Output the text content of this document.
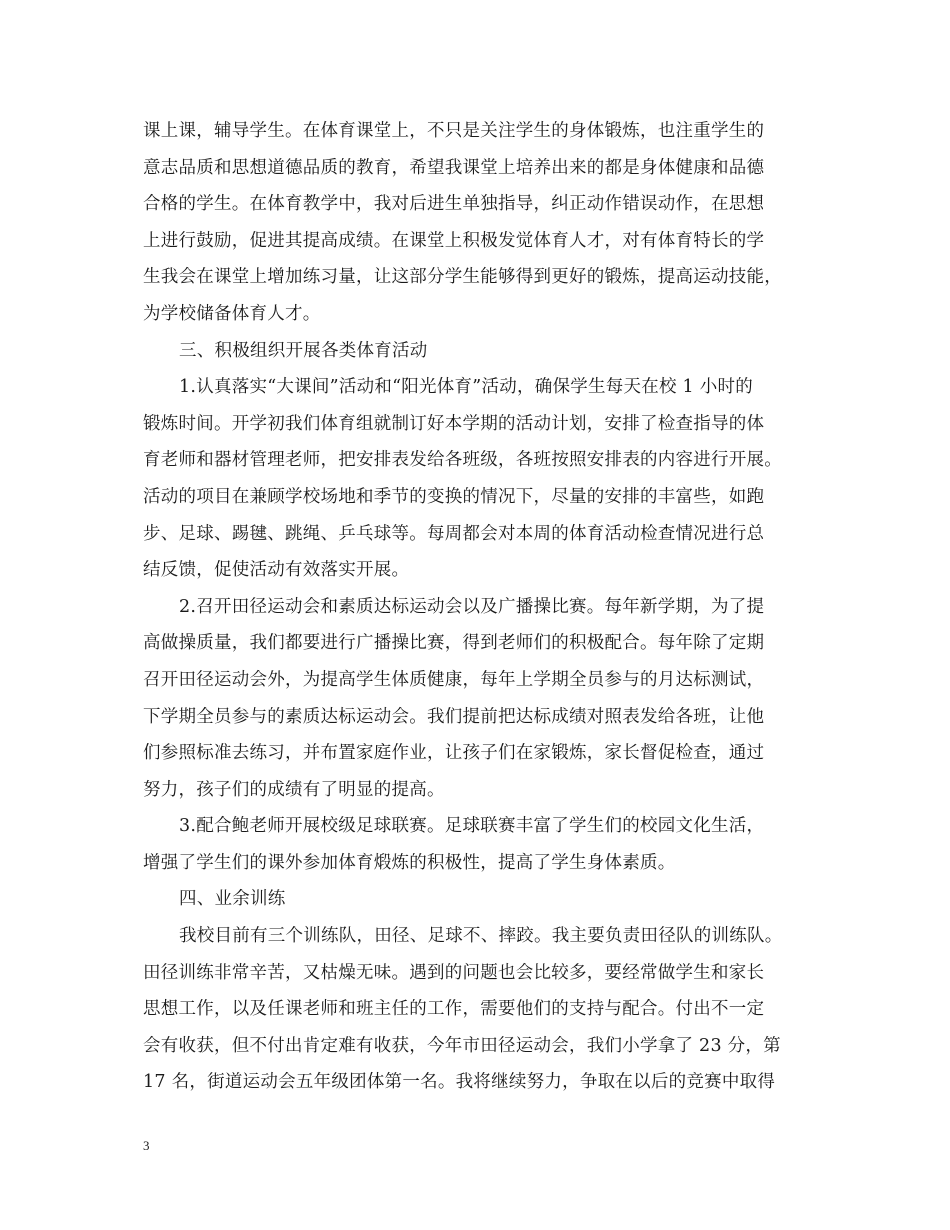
课上课，辅导学生。在体育课堂上，不只是关注学生的身体锻炼，也注重学生的
意志品质和思想道德品质的教育，希望我课堂上培养出来的都是身体健康和品德
合格的学生。在体育教学中，我对后进生单独指导，纠正动作错误动作，在思想
上进行鼓励，促进其提高成绩。在课堂上积极发觉体育人才，对有体育特长的学
生我会在课堂上增加练习量，让这部分学生能够得到更好的锻炼，提高运动技能，
为学校储备体育人才。
三、积极组织开展各类体育活动
1.认真落实“大课间”活动和“阳光体育”活动，确保学生每天在校 1 小时的
锻炼时间。开学初我们体育组就制订好本学期的活动计划，安排了检查指导的体
育老师和器材管理老师，把安排表发给各班级，各班按照安排表的内容进行开展。
活动的项目在兼顾学校场地和季节的变换的情况下，尽量的安排的丰富些，如跑
步、足球、踢毽、跳绳、乒乓球等。每周都会对本周的体育活动检查情况进行总
结反馈，促使活动有效落实开展。
2.召开田径运动会和素质达标运动会以及广播操比赛。每年新学期，为了提
高做操质量，我们都要进行广播操比赛，得到老师们的积极配合。每年除了定期
召开田径运动会外，为提高学生体质健康，每年上学期全员参与的月达标测试，
下学期全员参与的素质达标运动会。我们提前把达标成绩对照表发给各班，让他
们参照标准去练习，并布置家庭作业，让孩子们在家锻炼，家长督促检查，通过
努力，孩子们的成绩有了明显的提高。
3.配合鲍老师开展校级足球联赛。足球联赛丰富了学生们的校园文化生活，
增强了学生们的课外参加体育煅炼的积极性，提高了学生身体素质。
四、业余训练
我校目前有三个训练队，田径、足球不、摔跤。我主要负责田径队的训练队。
田径训练非常辛苦，又枯燥无味。遇到的问题也会比较多，要经常做学生和家长
思想工作，以及任课老师和班主任的工作，需要他们的支持与配合。付出不一定
会有收获，但不付出肯定难有收获，今年市田径运动会，我们小学拿了 23 分，第
17 名，街道运动会五年级团体第一名。我将继续努力，争取在以后的竞赛中取得
3
